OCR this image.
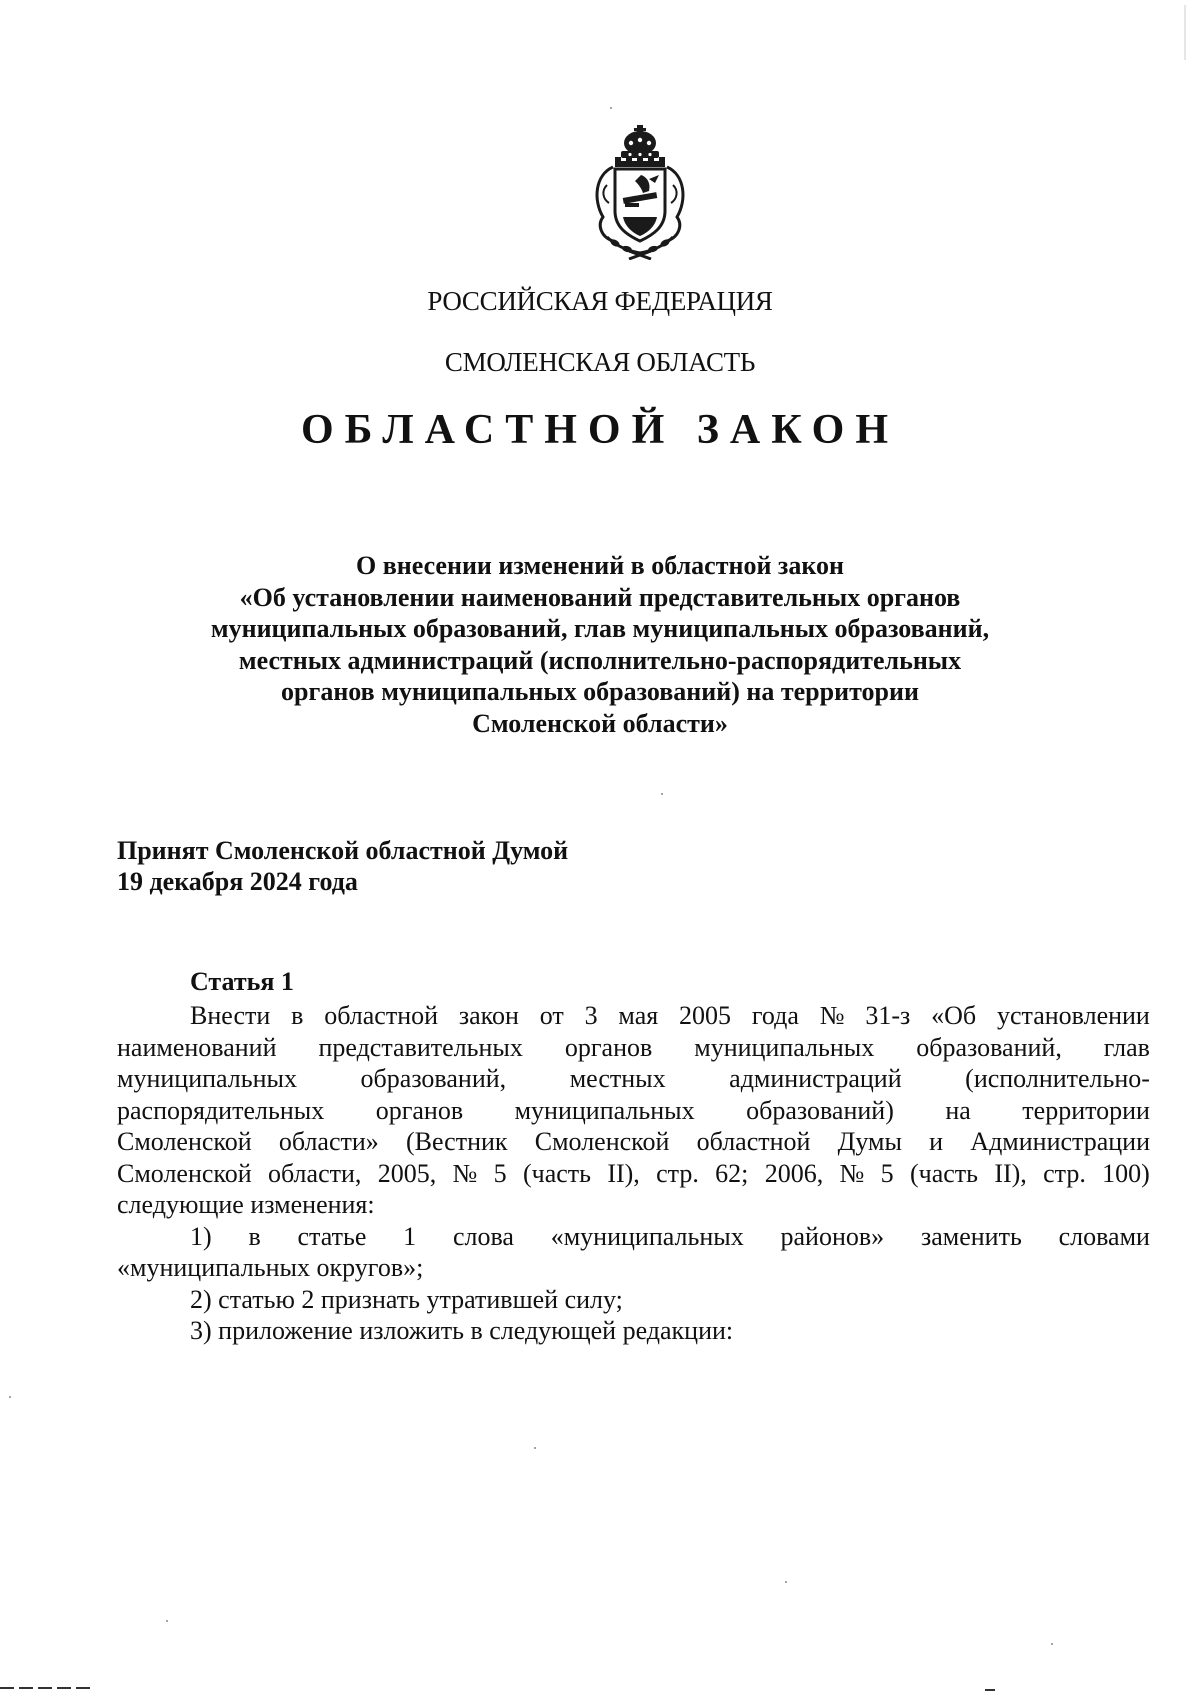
РОССИЙСКАЯ ФЕДЕРАЦИЯ
СМОЛЕНСКАЯ ОБЛАСТЬ
ОБЛАСТНОЙ ЗАКОН
О внесении изменений в областной закон
«Об установлении наименований представительных органов
муниципальных образований, глав муниципальных образований,
местных администраций (исполнительно-распорядительных
органов муниципальных образований) на территории
Смоленской области»
Принят Смоленской областной Думой
19 декабря 2024 года
Статья 1
Внести в областной закон от 3 мая 2005 года № 31-з «Об установлении
наименований представительных органов муниципальных образований, глав
муниципальных образований, местных администраций (исполнительно-
распорядительных органов муниципальных образований) на территории
Смоленской области» (Вестник Смоленской областной Думы и Администрации
Смоленской области, 2005, № 5 (часть II), стр. 62; 2006, № 5 (часть II), стр. 100)
следующие изменения:
1) в статье 1 слова «муниципальных районов» заменить словами
«муниципальных округов»;
2) статью 2 признать утратившей силу;
3) приложение изложить в следующей редакции:
